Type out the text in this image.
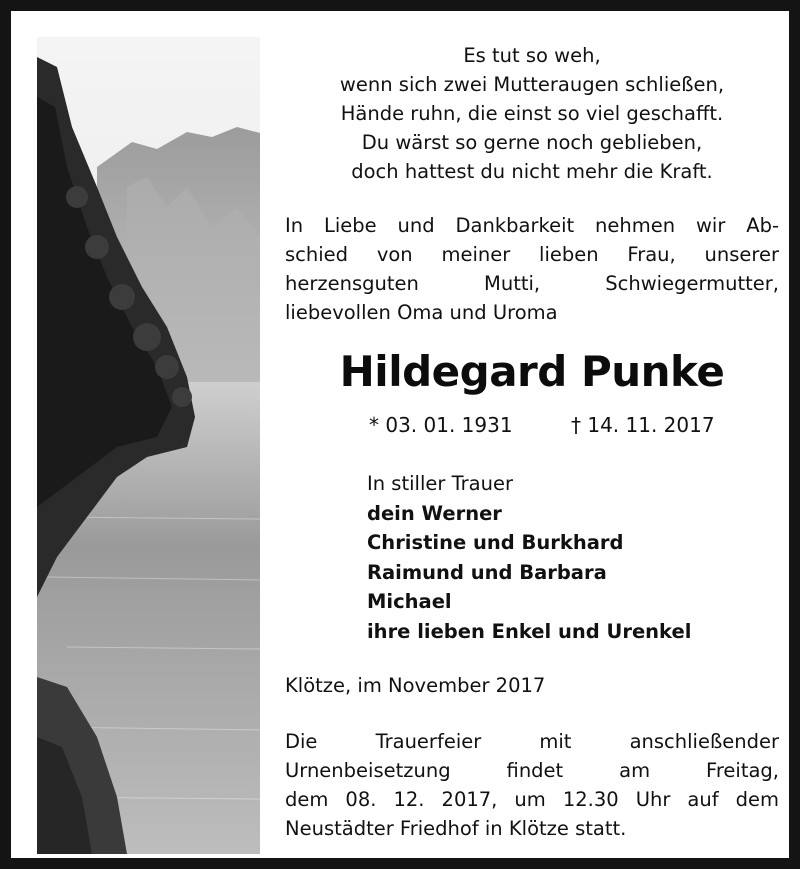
Es tut so weh,
wenn sich zwei Mutteraugen schließen,
Hände ruhn, die einst so viel geschafft.
Du wärst so gerne noch geblieben,
doch hattest du nicht mehr die Kraft.
In Liebe und Dankbarkeit nehmen wir Ab-
schied von meiner lieben Frau, unserer
herzensguten Mutti, Schwiegermutter,
liebevollen Oma und Uroma
Hildegard Punke
* 03. 01. 1931	† 14. 11. 2017
In stiller Trauer
dein Werner
Christine und Burkhard
Raimund und Barbara
Michael
ihre lieben Enkel und Urenkel
Klötze, im November 2017
Die Trauerfeier mit anschließender
Urnenbeisetzung findet am Freitag,
dem 08. 12. 2017, um 12.30 Uhr auf dem
Neustädter Friedhof in Klötze statt.
